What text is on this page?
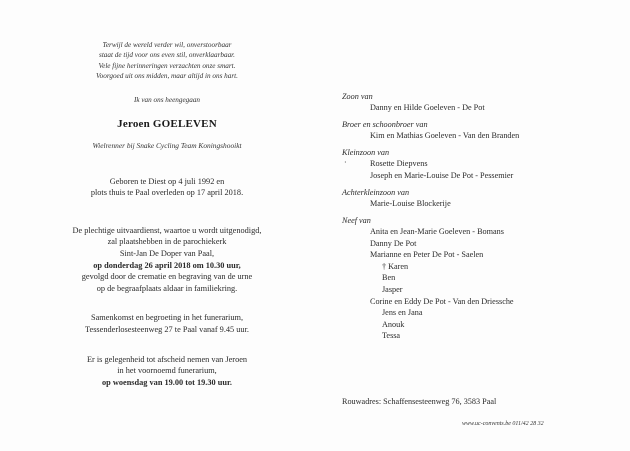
Terwijl de wereld verder wil, onverstoorbaar
staat de tijd voor ons even stil, onverklaarbaar.
Vele fijne herinneringen verzachten onze smart.
Voorgoed uit ons midden, maar altijd in ons hart.
Ik van ons heengegaan
Jeroen GOELEVEN
Wielrenner bij Snake Cycling Team Koningshooikt
Geboren te Diest op 4 juli 1992 en
plots thuis te Paal overleden op 17 april 2018.
De plechtige uitvaardienst, waartoe u wordt uitgenodigd,
zal plaatshebben in de parochiekerk
Sint-Jan De Doper van Paal,
op donderdag 26 april 2018 om 10.30 uur,
gevolgd door de crematie en begraving van de urne
op de begraafplaats aldaar in familiekring.
Samenkomst en begroeting in het funerarium,
Tessenderlosesteenweg 27 te Paal vanaf 9.45 uur.
Er is gelegenheid tot afscheid nemen van Jeroen
in het voornoemd funerarium,
op woensdag van 19.00 tot 19.30 uur.
Zoon van
Danny en Hilde Goeleven - De Pot
Broer en schoonbroer van
Kim en Mathias Goeleven - Van den Branden
Kleinzoon van
·	Rosette Diepvens
Joseph en Marie-Louise De Pot - Pessemier
Achterkleinzoon van
Marie-Louise Blockerije
Neef van
Anita en Jean-Marie Goeleven - Bomans
Danny De Pot
Marianne en Peter De Pot - Saelen
† Karen
Ben
Jasper
Corine en Eddy De Pot - Van den Driessche
Jens en Jana
Anouk
Tessa
Rouwadres: Schaffensesteenweg 76, 3583 Paal
www.uc-convents.be 011/42 28 32
